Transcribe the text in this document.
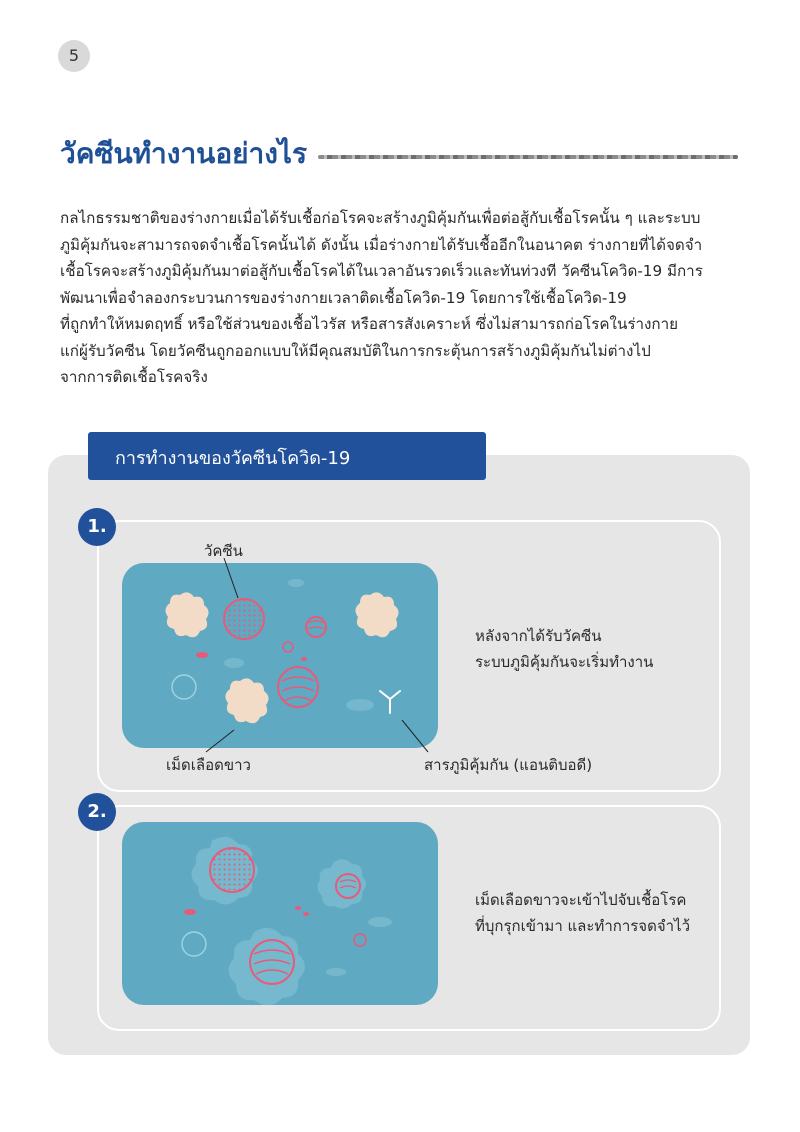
5
วัคซีนทำงานอย่างไร

กลไกธรรมชาติของร่างกายเมื่อได้รับเชื้อก่อโรคจะสร้างภูมิคุ้มกันเพื่อต่อสู้กับเชื้อโรคนั้น ๆ และระบบ
ภูมิคุ้มกันจะสามารถจดจำเชื้อโรคนั้นได้ ดังนั้น เมื่อร่างกายได้รับเชื้ออีกในอนาคต ร่างกายที่ได้จดจำ
เชื้อโรคจะสร้างภูมิคุ้มกันมาต่อสู้กับเชื้อโรคได้ในเวลาอันรวดเร็วและทันท่วงที วัคซีนโควิด-19 มีการ
พัฒนาเพื่อจำลองกระบวนการของร่างกายเวลาติดเชื้อโควิด-19 โดยการใช้เชื้อโควิด-19
ที่ถูกทำให้หมดฤทธิ์ หรือใช้ส่วนของเชื้อไวรัส หรือสารสังเคราะห์ ซึ่งไม่สามารถก่อโรคในร่างกาย
แก่ผู้รับวัคซีน โดยวัคซีนถูกออกแบบให้มีคุณสมบัติในการกระตุ้นการสร้างภูมิคุ้มกันไม่ต่างไป
จากการติดเชื้อโรคจริง

การทำงานของวัคซีนโควิด-19
1.
วัคซีน
เม็ดเลือดขาว	สารภูมิคุ้มกัน (แอนติบอดี)
หลังจากได้รับวัคซีน
ระบบภูมิคุ้มกันจะเริ่มทำงาน
2.
เม็ดเลือดขาวจะเข้าไปจับเชื้อโรค
ที่บุกรุกเข้ามา และทำการจดจำไว้
